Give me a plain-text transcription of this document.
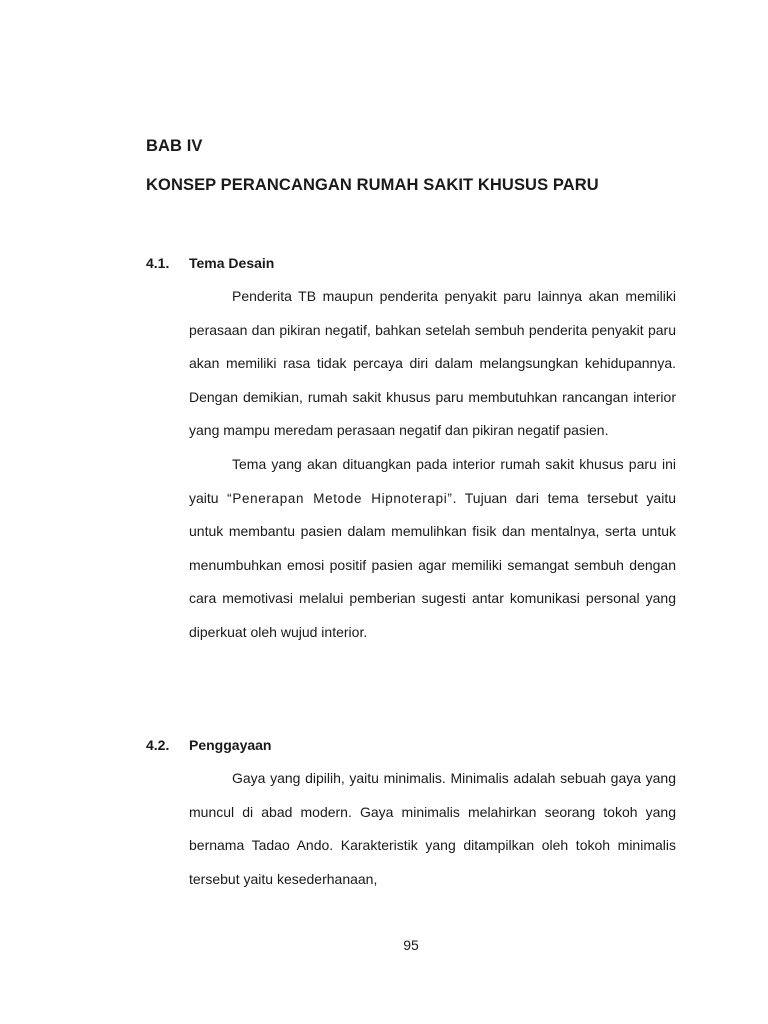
BAB IV
KONSEP PERANCANGAN RUMAH SAKIT KHUSUS PARU
4.1. Tema Desain

Penderita TB maupun penderita penyakit paru lainnya akan memiliki perasaan dan pikiran negatif, bahkan setelah sembuh penderita penyakit paru akan memiliki rasa tidak percaya diri dalam melangsungkan kehidupannya. Dengan demikian, rumah sakit khusus paru membutuhkan rancangan interior yang mampu meredam perasaan negatif dan pikiran negatif pasien.

Tema yang akan dituangkan pada interior rumah sakit khusus paru ini yaitu “Penerapan Metode Hipnoterapi”. Tujuan dari tema tersebut yaitu untuk membantu pasien dalam memulihkan fisik dan mentalnya, serta untuk menumbuhkan emosi positif pasien agar memiliki semangat sembuh dengan cara memotivasi melalui pemberian sugesti antar komunikasi personal yang diperkuat oleh wujud interior.

4.2. Penggayaan

Gaya yang dipilih, yaitu minimalis. Minimalis adalah sebuah gaya yang muncul di abad modern. Gaya minimalis melahirkan seorang tokoh yang bernama Tadao Ando. Karakteristik yang ditampilkan oleh tokoh minimalis tersebut yaitu kesederhanaan,

95
